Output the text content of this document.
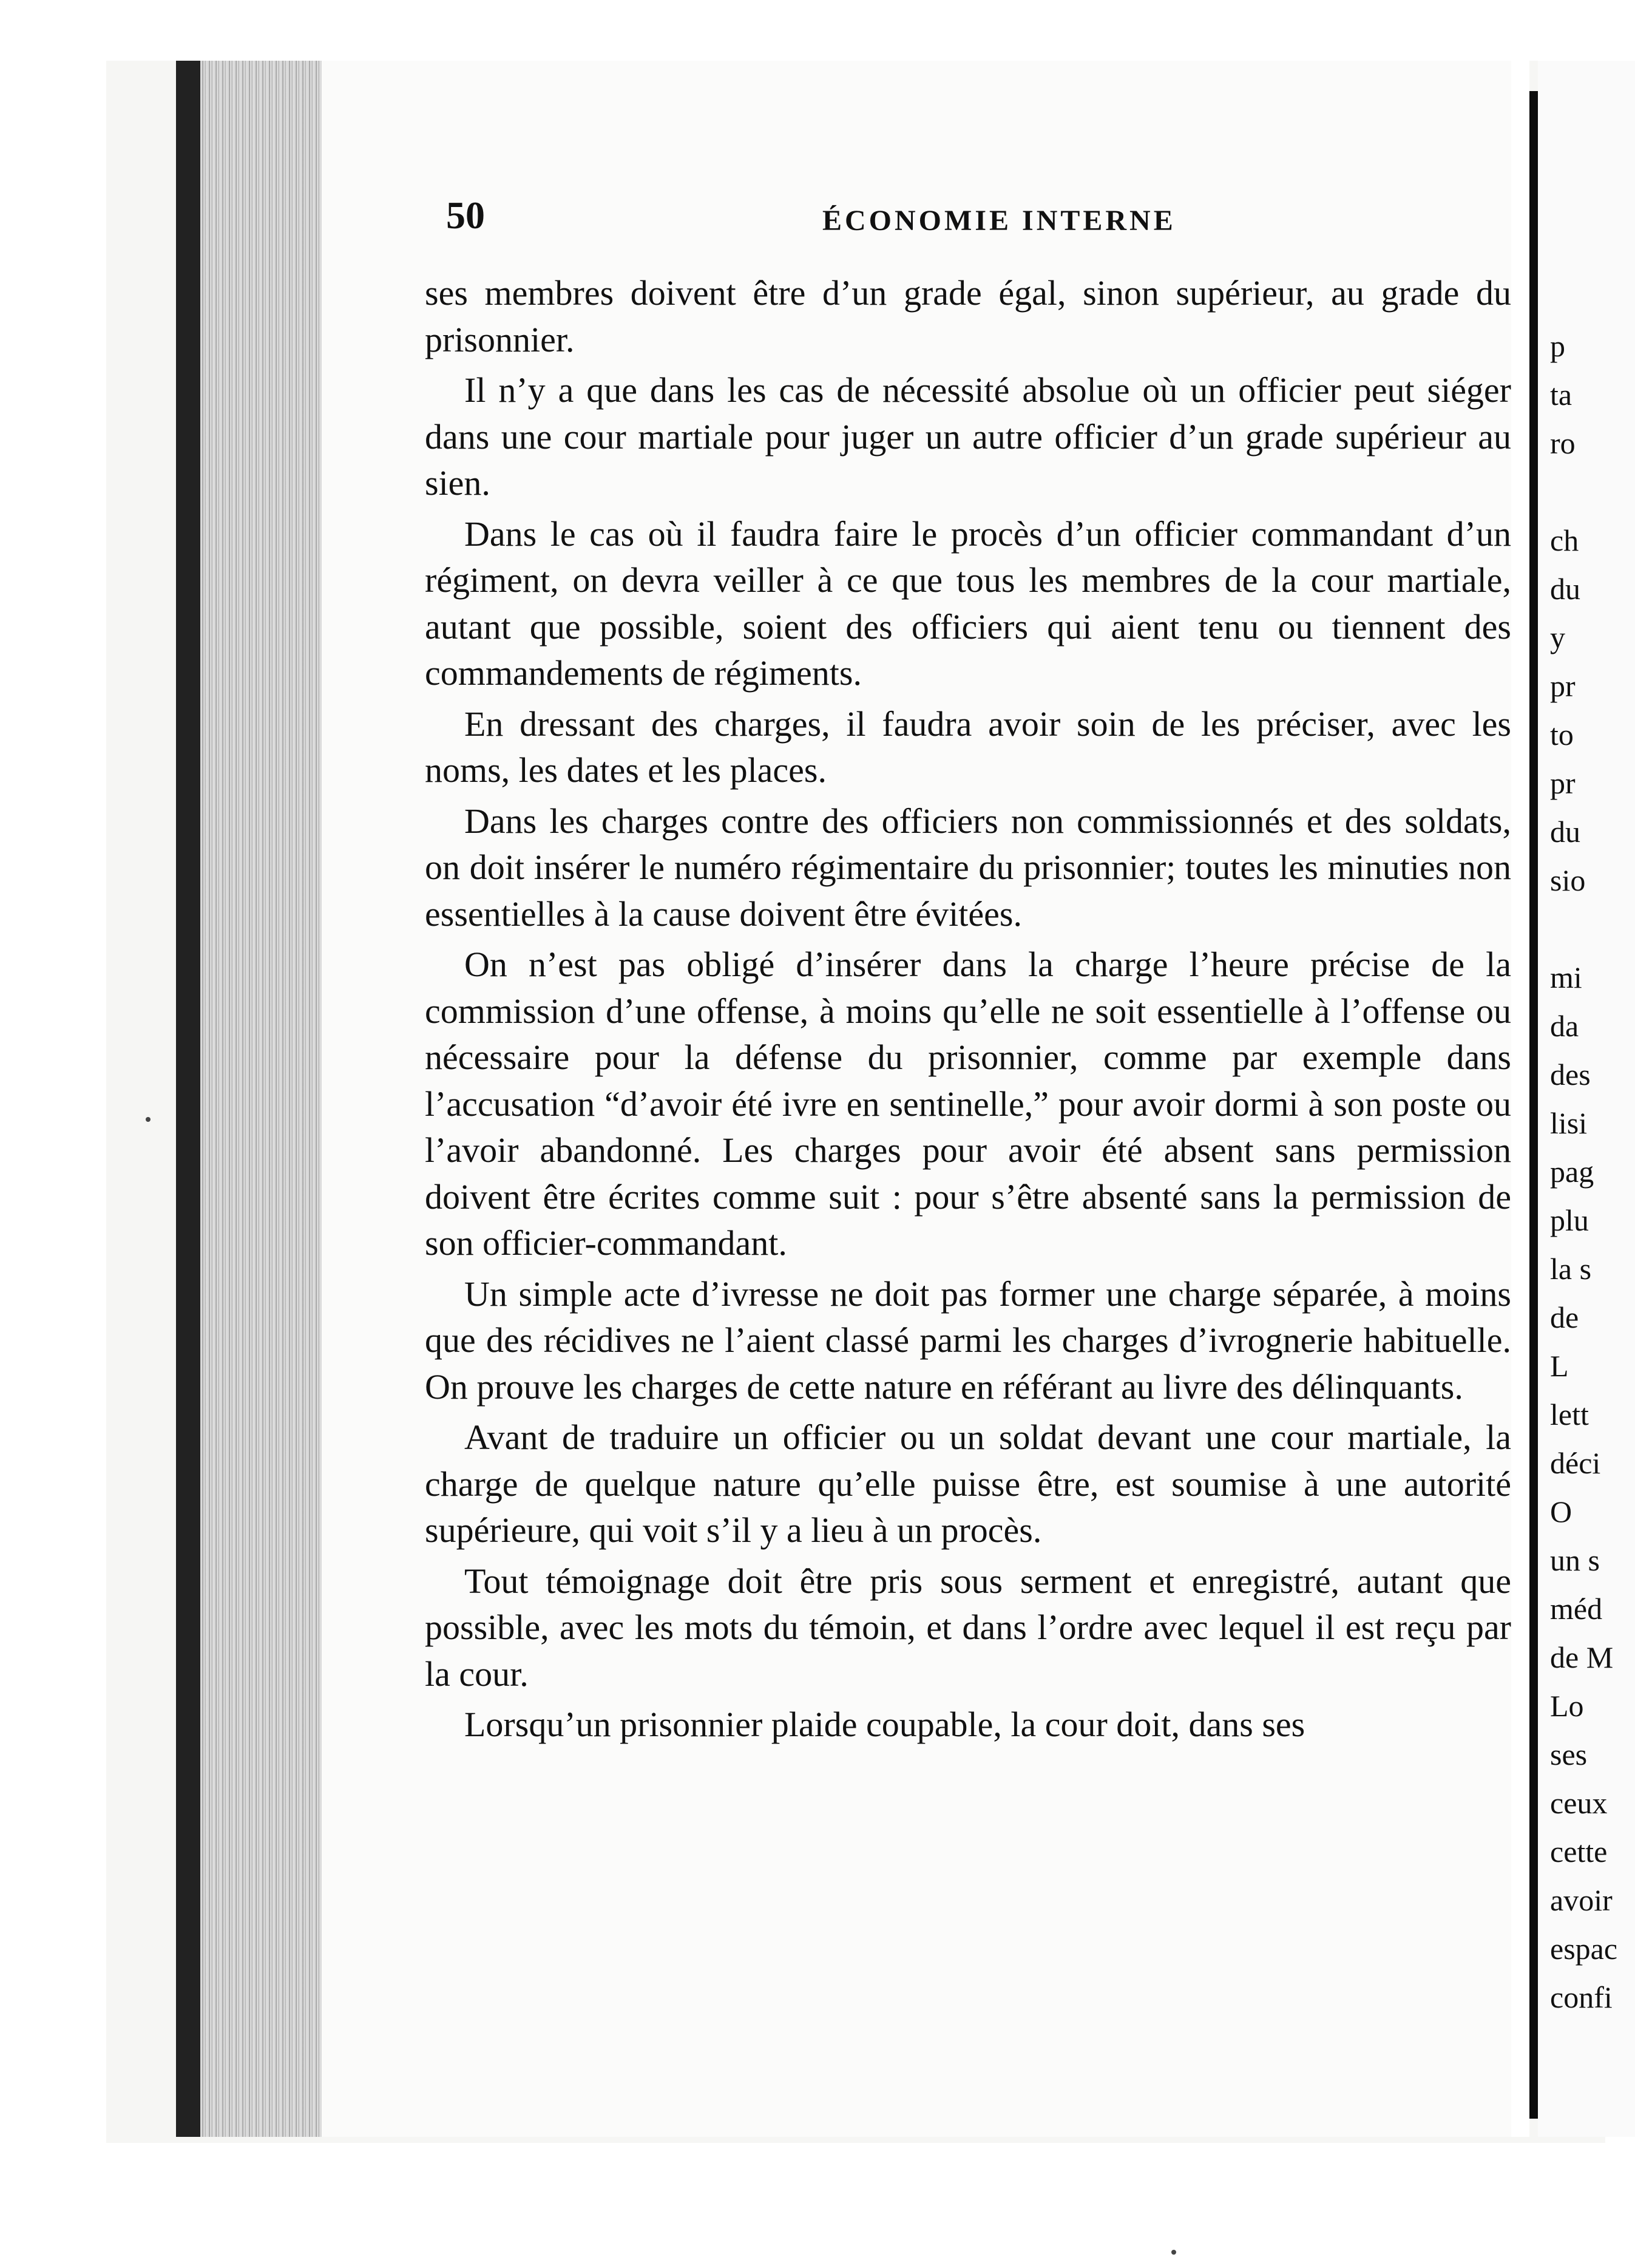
p
ta
ro
ch
du
y
pr
to
pr
du
sio
mi
da
des
lisi
pag
plu
la s
de
L
lett
déci
O
un s
méd
de M
Lo
ses
ceux
cette
avoir
espac
confi
50	ÉCONOMIE INTERNE

ses membres doivent être d’un grade égal, sinon supérieur, au grade du prisonnier.

Il n’y a que dans les cas de nécessité absolue où un officier peut siéger dans une cour martiale pour juger un autre officier d’un grade supérieur au sien.

Dans le cas où il faudra faire le procès d’un officier commandant d’un régiment, on devra veiller à ce que tous les membres de la cour martiale, autant que possible, soient des officiers qui aient tenu ou tiennent des commandements de régiments.

En dressant des charges, il faudra avoir soin de les préciser, avec les noms, les dates et les places.

Dans les charges contre des officiers non commissionnés et des soldats, on doit insérer le numéro régimentaire du prisonnier; toutes les minuties non essentielles à la cause doivent être évitées.

On n’est pas obligé d’insérer dans la charge l’heure précise de la commission d’une offense, à moins qu’elle ne soit essentielle à l’offense ou nécessaire pour la défense du prisonnier, comme par exemple dans l’accusation “d’avoir été ivre en sentinelle,” pour avoir dormi à son poste ou l’avoir abandonné. Les charges pour avoir été absent sans permission doivent être écrites comme suit : pour s’être absenté sans la permission de son officier-commandant.

Un simple acte d’ivresse ne doit pas former une charge séparée, à moins que des récidives ne l’aient classé parmi les charges d’ivrognerie habituelle. On prouve les charges de cette nature en référant au livre des délinquants.

Avant de traduire un officier ou un soldat devant une cour martiale, la charge de quelque nature qu’elle puisse être, est soumise à une autorité supérieure, qui voit s’il y a lieu à un procès.

Tout témoignage doit être pris sous serment et enregistré, autant que possible, avec les mots du témoin, et dans l’ordre avec lequel il est reçu par la cour.

Lorsqu’un prisonnier plaide coupable, la cour doit, dans ses
